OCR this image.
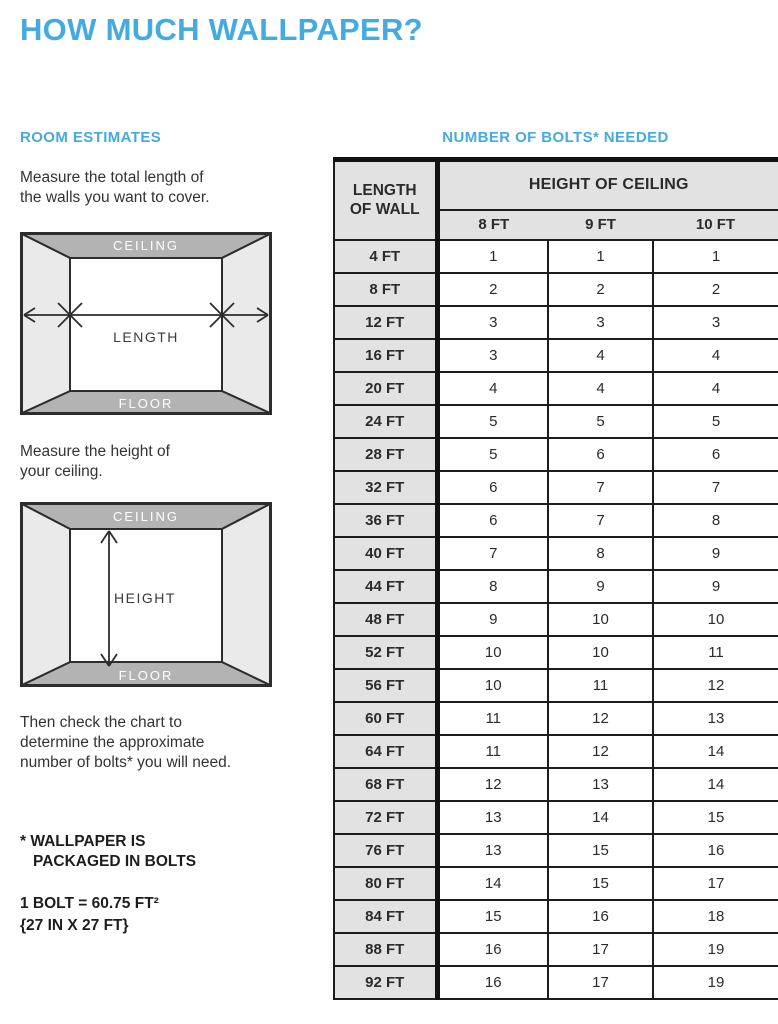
HOW MUCH WALLPAPER?
ROOM ESTIMATES
Measure the total length of
the walls you want to cover.
CEILING
LENGTH
FLOOR
Measure the height of
your ceiling.
CEILING
HEIGHT
FLOOR
Then check the chart to
determine the approximate
number of bolts* you will need.
* WALLPAPER IS
PACKAGED IN BOLTS
1 BOLT = 60.75 FT²
{27 IN X 27 FT}
NUMBER OF BOLTS* NEEDED
LENGTH
OF WALL	HEIGHT OF CEILING		
	8 FT	9 FT	10 FT
4 FT	1	1	1
8 FT	2	2	2
12 FT	3	3	3
16 FT	3	4	4
20 FT	4	4	4
24 FT	5	5	5
28 FT	5	6	6
32 FT	6	7	7
36 FT	6	7	8
40 FT	7	8	9
44 FT	8	9	9
48 FT	9	10	10
52 FT	10	10	11
56 FT	10	11	12
60 FT	11	12	13
64 FT	11	12	14
68 FT	12	13	14
72 FT	13	14	15
76 FT	13	15	16
80 FT	14	15	17
84 FT	15	16	18
88 FT	16	17	19
92 FT	16	17	19
